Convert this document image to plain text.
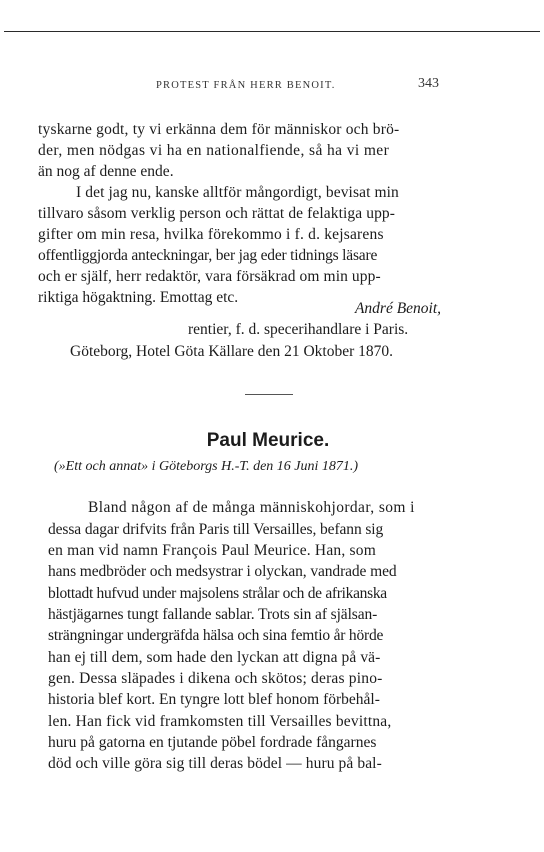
PROTEST FRÅN HERR BENOIT.	343
tyskarne godt, ty vi erkänna dem för människor och brö-
der, men nödgas vi ha en nationalfiende, så ha vi mer
än nog af denne ende.
I det jag nu, kanske alltför mångordigt, bevisat min
tillvaro såsom verklig person och rättat de felaktiga upp-
gifter om min resa, hvilka förekommo i f. d. kejsarens
offentliggjorda anteckningar, ber jag eder tidnings läsare
och er själf, herr redaktör, vara försäkrad om min upp-
riktiga högaktning. Emottag etc.
André Benoit,
rentier, f. d. specerihandlare i Paris.
Göteborg, Hotel Göta Källare den 21 Oktober 1870.
Paul Meurice.
(»Ett och annat» i Göteborgs H.-T. den 16 Juni 1871.)
Bland någon af de många människohjordar, som i
dessa dagar drifvits från Paris till Versailles, befann sig
en man vid namn François Paul Meurice. Han, som
hans medbröder och medsystrar i olyckan, vandrade med
blottadt hufvud under majsolens strålar och de afrikanska
hästjägarnes tungt fallande sablar. Trots sin af själsan-
strängningar undergräfda hälsa och sina femtio år hörde
han ej till dem, som hade den lyckan att digna på vä-
gen. Dessa släpades i dikena och skötos; deras pino-
historia blef kort. En tyngre lott blef honom förbehål-
len. Han fick vid framkomsten till Versailles bevittna,
huru på gatorna en tjutande pöbel fordrade fångarnes
död och ville göra sig till deras bödel — huru på bal-
